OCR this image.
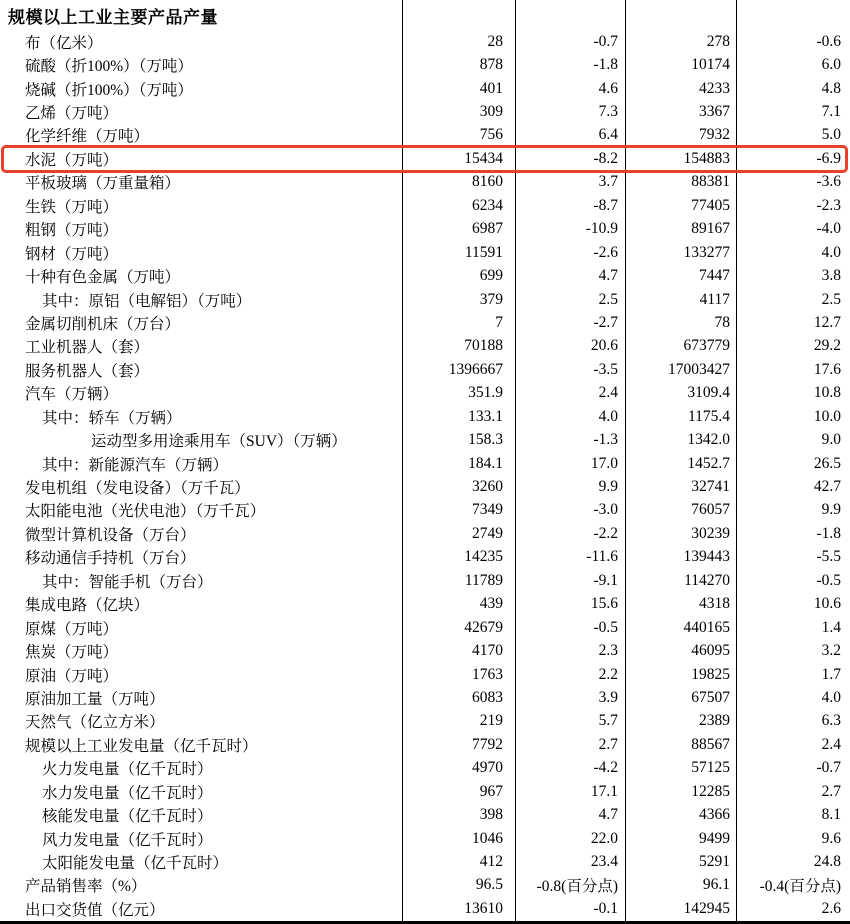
规模以上工业主要产品产量
布（亿米）	28	-0.7	278	-0.6
硫酸（折100%）（万吨）	878	-1.8	10174	6.0
烧碱（折100%）（万吨）	401	4.6	4233	4.8
乙烯（万吨）	309	7.3	3367	7.1
化学纤维（万吨）	756	6.4	7932	5.0
水泥（万吨）	15434	-8.2	154883	-6.9
平板玻璃（万重量箱）	8160	3.7	88381	-3.6
生铁（万吨）	6234	-8.7	77405	-2.3
粗钢（万吨）	6987	-10.9	89167	-4.0
钢材（万吨）	11591	-2.6	133277	4.0
十种有色金属（万吨）	699	4.7	7447	3.8
其中：原铝（电解铝）（万吨）	379	2.5	4117	2.5
金属切削机床（万台）	7	-2.7	78	12.7
工业机器人（套）	70188	20.6	673779	29.2
服务机器人（套）	1396667	-3.5	17003427	17.6
汽车（万辆）	351.9	2.4	3109.4	10.8
其中：轿车（万辆）	133.1	4.0	1175.4	10.0
运动型多用途乘用车（SUV）（万辆）	158.3	-1.3	1342.0	9.0
其中：新能源汽车（万辆）	184.1	17.0	1452.7	26.5
发电机组（发电设备）（万千瓦）	3260	9.9	32741	42.7
太阳能电池（光伏电池）（万千瓦）	7349	-3.0	76057	9.9
微型计算机设备（万台）	2749	-2.2	30239	-1.8
移动通信手持机（万台）	14235	-11.6	139443	-5.5
其中：智能手机（万台）	11789	-9.1	114270	-0.5
集成电路（亿块）	439	15.6	4318	10.6
原煤（万吨）	42679	-0.5	440165	1.4
焦炭（万吨）	4170	2.3	46095	3.2
原油（万吨）	1763	2.2	19825	1.7
原油加工量（万吨）	6083	3.9	67507	4.0
天然气（亿立方米）	219	5.7	2389	6.3
规模以上工业发电量（亿千瓦时）	7792	2.7	88567	2.4
火力发电量（亿千瓦时）	4970	-4.2	57125	-0.7
水力发电量（亿千瓦时）	967	17.1	12285	2.7
核能发电量（亿千瓦时）	398	4.7	4366	8.1
风力发电量（亿千瓦时）	1046	22.0	9499	9.6
太阳能发电量（亿千瓦时）	412	23.4	5291	24.8
产品销售率（%）	96.5	-0.8(百分点)	96.1	-0.4(百分点)
出口交货值（亿元）	13610	-0.1	142945	2.6
